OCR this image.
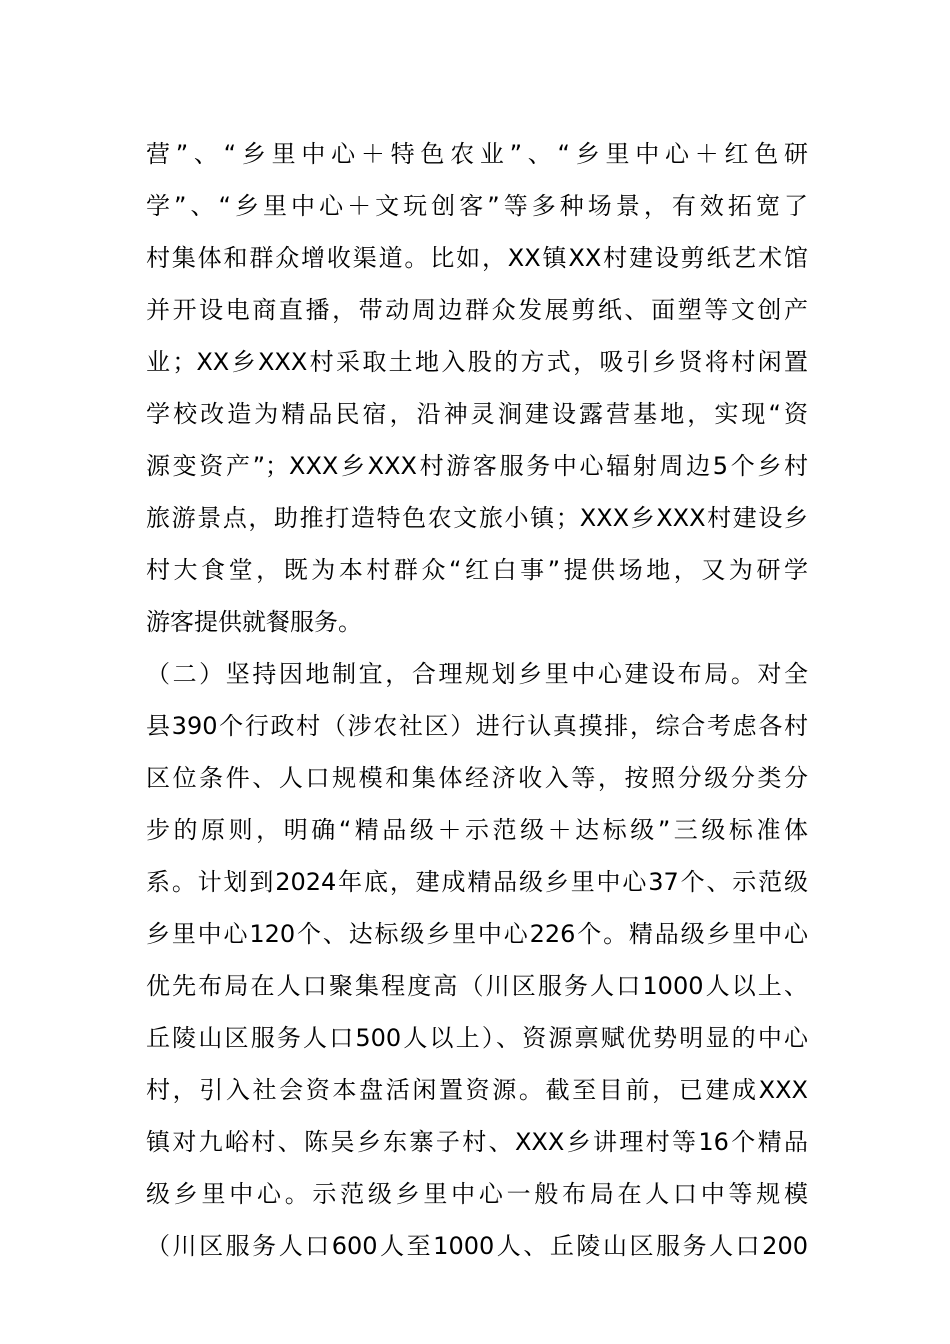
营”、“乡里中心＋特色农业”、“乡里中心＋红色研
学”、“乡里中心＋文玩创客”等多种场景，有效拓宽了
村集体和群众增收渠道。比如，XX镇XX村建设剪纸艺术馆
并开设电商直播，带动周边群众发展剪纸、面塑等文创产
业；XX乡XXX村采取土地入股的方式，吸引乡贤将村闲置
学校改造为精品民宿，沿神灵涧建设露营基地，实现“资
源变资产”；XXX乡XXX村游客服务中心辐射周边5个乡村
旅游景点，助推打造特色农文旅小镇；XXX乡XXX村建设乡
村大食堂，既为本村群众“红白事”提供场地，又为研学
游客提供就餐服务。
（二）坚持因地制宜，合理规划乡里中心建设布局。对全
县390个行政村（涉农社区）进行认真摸排，综合考虑各村
区位条件、人口规模和集体经济收入等，按照分级分类分
步的原则，明确“精品级＋示范级＋达标级”三级标准体
系。计划到2024年底，建成精品级乡里中心37个、示范级
乡里中心120个、达标级乡里中心226个。精品级乡里中心
优先布局在人口聚集程度高（川区服务人口1000人以上、
丘陵山区服务人口500人以上）、资源禀赋优势明显的中心
村，引入社会资本盘活闲置资源。截至目前，已建成XXX
镇对九峪村、陈吴乡东寨子村、XXX乡讲理村等16个精品
级乡里中心。示范级乡里中心一般布局在人口中等规模
（川区服务人口600人至1000人、丘陵山区服务人口200
